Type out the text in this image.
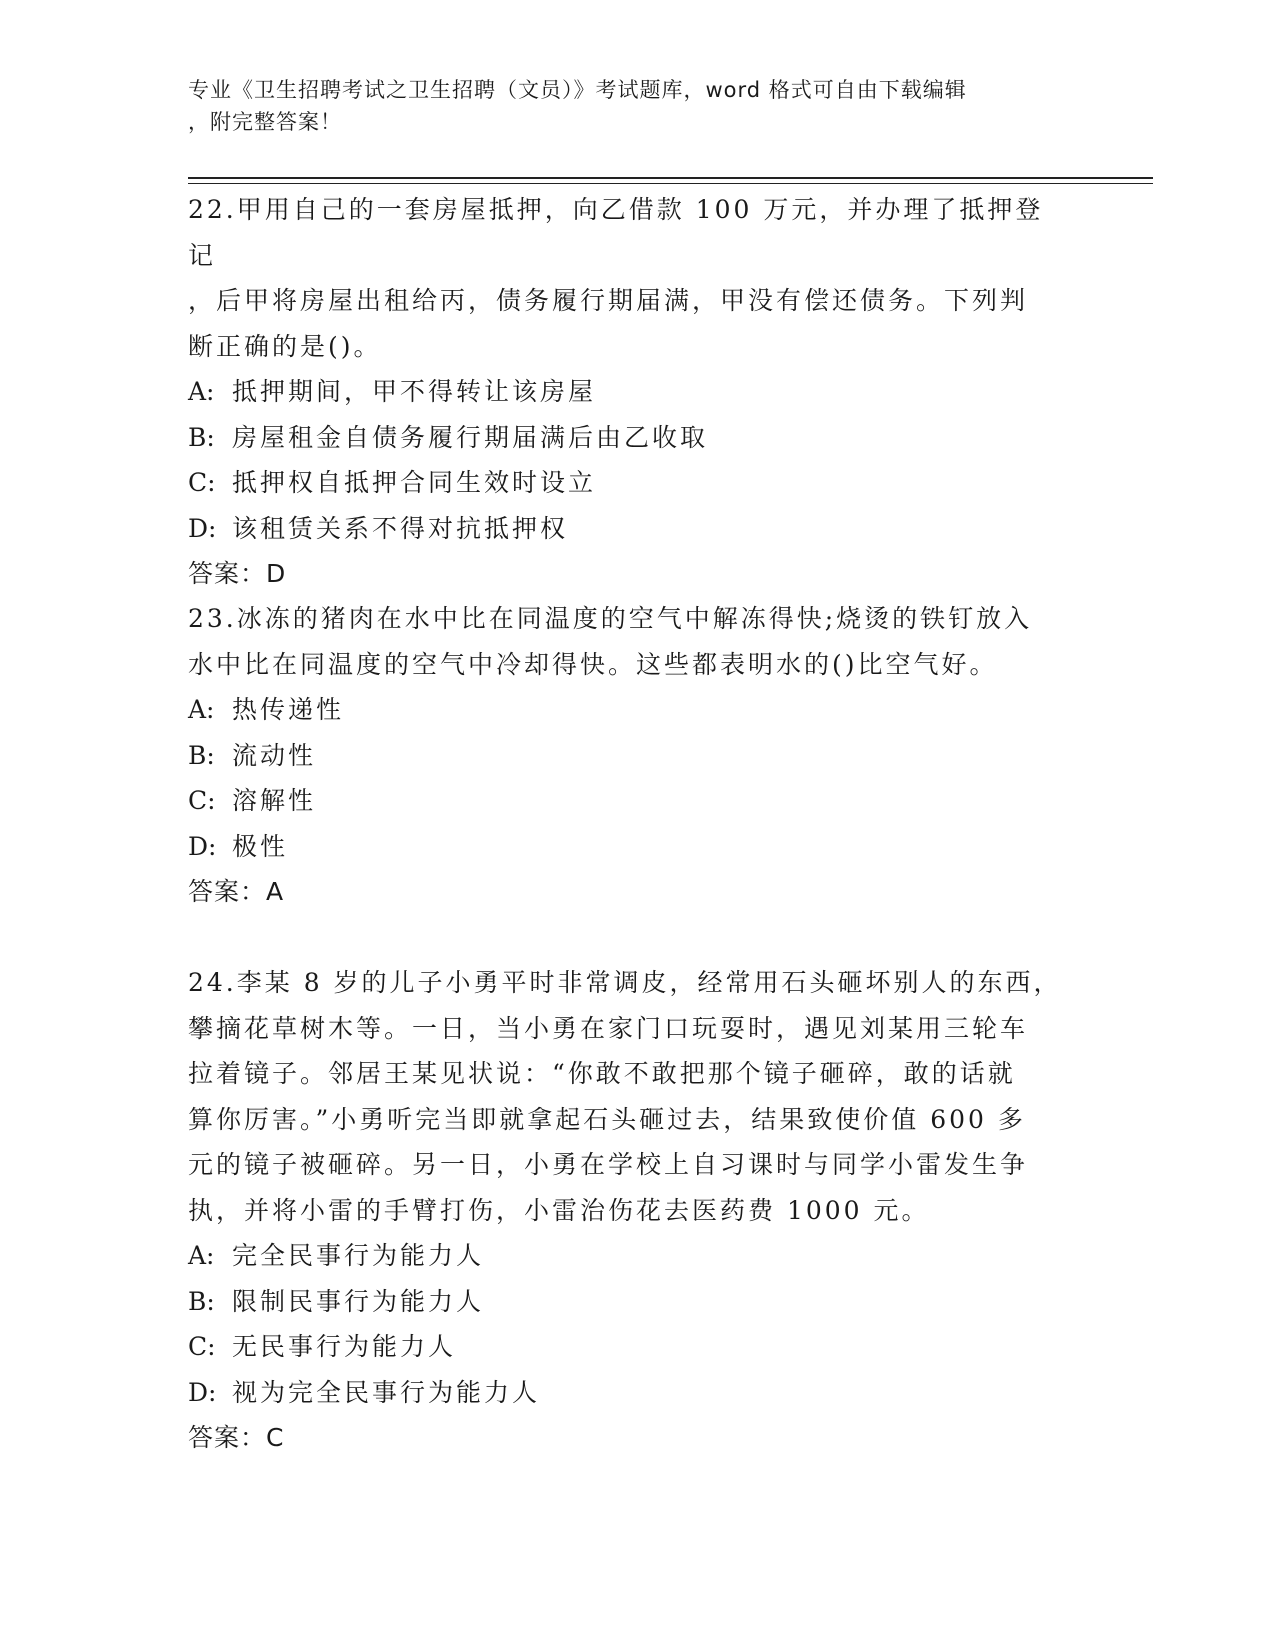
专业《卫生招聘考试之卫生招聘（文员）》考试题库，word 格式可自由下载编辑
，附完整答案！

22.甲用自己的一套房屋抵押，向乙借款 100 万元，并办理了抵押登记

，后甲将房屋出租给丙，债务履行期届满，甲没有偿还债务。下列判

断正确的是()。

A: 抵押期间，甲不得转让该房屋

B: 房屋租金自债务履行期届满后由乙收取

C: 抵押权自抵押合同生效时设立

D: 该租赁关系不得对抗抵押权

答案：D

23.冰冻的猪肉在水中比在同温度的空气中解冻得快;烧烫的铁钉放入

水中比在同温度的空气中冷却得快。这些都表明水的()比空气好。

A: 热传递性

B: 流动性

C: 溶解性

D: 极性

答案：A

24.李某 8 岁的儿子小勇平时非常调皮，经常用石头砸坏别人的东西，

攀摘花草树木等。一日，当小勇在家门口玩耍时，遇见刘某用三轮车

拉着镜子。邻居王某见状说：“你敢不敢把那个镜子砸碎，敢的话就

算你厉害。”小勇听完当即就拿起石头砸过去，结果致使价值 600 多

元的镜子被砸碎。另一日，小勇在学校上自习课时与同学小雷发生争

执，并将小雷的手臂打伤，小雷治伤花去医药费 1000 元。

A: 完全民事行为能力人

B: 限制民事行为能力人

C: 无民事行为能力人

D: 视为完全民事行为能力人

答案：C
